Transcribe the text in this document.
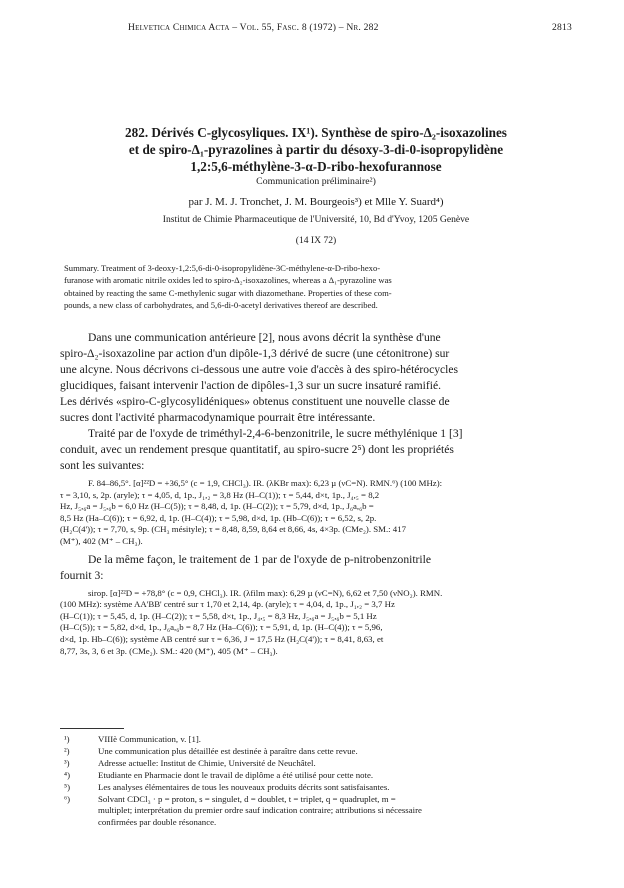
Helvetica Chimica Acta – Vol. 55, Fasc. 8 (1972) – Nr. 282	2813
282. Dérivés C-glycosyliques. IX¹). Synthèse de spiro-Δ₂-isoxazolines
et de spiro-Δ₁-pyrazolines à partir du désoxy-3-di-0-isopropylidène
1,2:5,6-méthylène-3-α-D-ribo-hexofurannose
Communication préliminaire²)
par J. M. J. Tronchet, J. M. Bourgeois³) et Mlle Y. Suard⁴)
Institut de Chimie Pharmaceutique de l'Université, 10, Bd d'Yvoy, 1205 Genève
(14 IX 72)
Summary. Treatment of 3-deoxy-1,2:5,6-di-0-isopropylidène-3C-méthylene-α-D-ribo-hexo-
furanose with aromatic nitrile oxides led to spiro-Δ₂-isoxazolines, whereas a Δ₁-pyrazoline was
obtained by reacting the same C-methylenic sugar with diazomethane. Properties of these com-
pounds, a new class of carbohydrates, and 5,6-di-0-acetyl derivatives thereof are described.
Dans une communication antérieure [2], nous avons décrit la synthèse d'une
spiro-Δ₂-isoxazoline par action d'un dipôle-1,3 dérivé de sucre (une cétonitrone) sur
une alcyne. Nous décrivons ci-dessous une autre voie d'accès à des spiro-hétérocycles
glucidiques, faisant intervenir l'action de dipôles-1,3 sur un sucre insaturé ramifié.
Les dérivés «spiro-C-glycosylidéniques» obtenus constituent une nouvelle classe de
sucres dont l'activité pharmacodynamique pourrait être intéressante.
Traité par de l'oxyde de triméthyl-2,4-6-benzonitrile, le sucre méthylénique 1 [3]
conduit, avec un rendement presque quantitatif, au spiro-sucre 2⁵) dont les propriétés
sont les suivantes:
F. 84–86,5°. [α]²²D = +36,5° (c = 1,9, CHCl₃). IR. (λKBr max): 6,23 µ (νC=N). RMN.⁶) (100 MHz):
τ = 3,10, s, 2p. (aryle); τ = 4,05, d, 1p., J₁,₂ = 3,8 Hz (H–C(1)); τ = 5,44, d×t, 1p., J₄,₅ = 8,2
Hz, J₅,₆a = J₅,₆b = 6,0 Hz (H–C(5)); τ = 8,48, d, 1p. (H–C(2)); τ = 5,79, d×d, 1p., J₆a,₆b =
8,5 Hz (Ha–C(6)); τ = 6,92, d, 1p. (H–C(4)); τ = 5,98, d×d, 1p. (Hb–C(6)); τ = 6,52, s, 2p.
(H₂C(4')); τ = 7,70, s, 9p. (CH₃ mésityle); τ = 8,48, 8,59, 8,64 et 8,66, 4s, 4×3p. (CMe₂). SM.: 417
(M⁺), 402 (M⁺ – CH₃).
De la même façon, le traitement de 1 par de l'oxyde de p-nitrobenzonitrile
fournit 3:
sirop. [α]²²D = +78,8° (c = 0,9, CHCl₃). IR. (λfilm max): 6,29 µ (νC=N), 6,62 et 7,50 (νNO₂). RMN.
(100 MHz): système AA'BB' centré sur τ 1,70 et 2,14, 4p. (aryle); τ = 4,04, d, 1p., J₁,₂ = 3,7 Hz
(H–C(1)); τ = 5,45, d, 1p. (H–C(2)); τ = 5,58, d×t, 1p., J₄,₅ = 8,3 Hz, J₅,₆a = J₅,₆b = 5,1 Hz
(H–C(5)); τ = 5,82, d×d, 1p., J₆a,₆b = 8,7 Hz (Ha–C(6)); τ = 5,91, d, 1p. (H–C(4)); τ = 5,96,
d×d, 1p. Hb–C(6)); système AB centré sur τ = 6,36, J = 17,5 Hz (H₂C(4')); τ = 8,41, 8,63, et
8,77, 3s, 3, 6 et 3p. (CMe₂). SM.: 420 (M⁺), 405 (M⁺ – CH₃).
¹)	VIIIè Communication, v. [1].
²)	Une communication plus détaillée est destinée à paraître dans cette revue.
³)	Adresse actuelle: Institut de Chimie, Université de Neuchâtel.
⁴)	Etudiante en Pharmacie dont le travail de diplôme a été utilisé pour cette note.
⁵)	Les analyses élémentaires de tous les nouveaux produits décrits sont satisfaisantes.
⁶)	Solvant CDCl₃ · p = proton, s = singulet, d = doublet, t = triplet, q = quadruplet, m =
multiplet; interprétation du premier ordre sauf indication contraire; attributions si nécessaire
confirmées par double résonance.
